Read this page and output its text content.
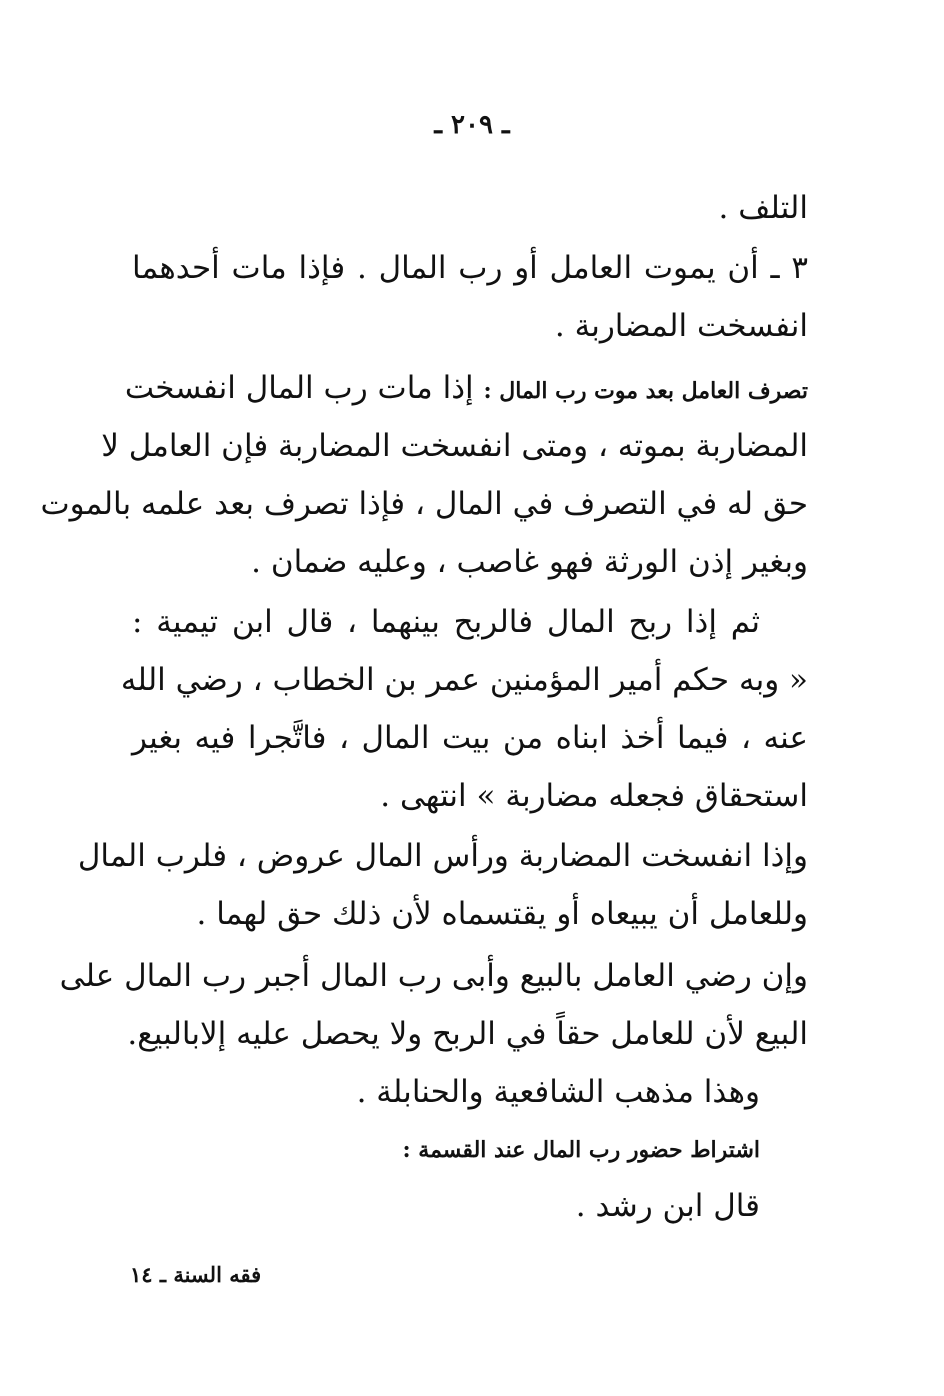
ـ ٢٠٩ ـ
التلف .
٣ ـ أن يموت العامل أو رب المال . فإذا مات أحدهما
انفسخت المضاربة .
تصرف العامل بعد موت رب المال : إذا مات رب المال انفسخت
المضاربة بموته ، ومتى انفسخت المضاربة فإن العامل لا
حق له في التصرف في المال ، فإذا تصرف بعد علمه بالموت
وبغير إذن الورثة فهو غاصب ، وعليه ضمان .
ثم إذا ربح المال فالربح بينهما ، قال ابن تيمية :
« وبه حكم أمير المؤمنين عمر بن الخطاب ، رضي الله
عنه ، فيما أخذ ابناه من بيت المال ، فاتَّجرا فيه بغير
استحقاق فجعله مضاربة » انتهى .
وإذا انفسخت المضاربة ورأس المال عروض ، فلرب المال
وللعامل أن يبيعاه أو يقتسماه لأن ذلك حق لهما .
وإن رضي العامل بالبيع وأبى رب المال أجبر رب المال على
البيع لأن للعامل حقاً في الربح ولا يحصل عليه إلابالبيع.
وهذا مذهب الشافعية والحنابلة .
اشتراط حضور رب المال عند القسمة :
قال ابن رشد .
فقه السنة ـ ١٤
